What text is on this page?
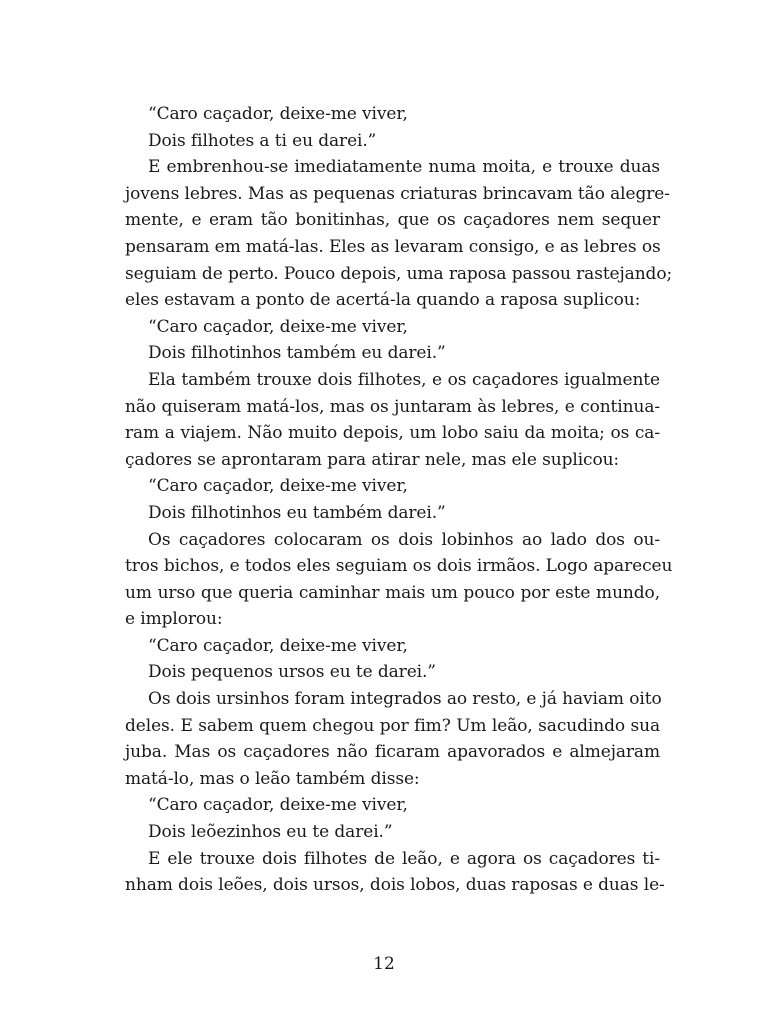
“Caro caçador, deixe-me viver,
Dois filhotes a ti eu darei.”
E embrenhou-se imediatamente numa moita, e trouxe duas
jovens lebres. Mas as pequenas criaturas brincavam tão alegre-
mente, e eram tão bonitinhas, que os caçadores nem sequer
pensaram em matá-las. Eles as levaram consigo, e as lebres os
seguiam de perto. Pouco depois, uma raposa passou rastejando;
eles estavam a ponto de acertá-la quando a raposa suplicou:
“Caro caçador, deixe-me viver,
Dois filhotinhos também eu darei.”
Ela também trouxe dois filhotes, e os caçadores igualmente
não quiseram matá-los, mas os juntaram às lebres, e continua-
ram a viajem. Não muito depois, um lobo saiu da moita; os ca-
çadores se aprontaram para atirar nele, mas ele suplicou:
“Caro caçador, deixe-me viver,
Dois filhotinhos eu também darei.”
Os caçadores colocaram os dois lobinhos ao lado dos ou-
tros bichos, e todos eles seguiam os dois irmãos. Logo apareceu
um urso que queria caminhar mais um pouco por este mundo,
e implorou:
“Caro caçador, deixe-me viver,
Dois pequenos ursos eu te darei.”
Os dois ursinhos foram integrados ao resto, e já haviam oito
deles. E sabem quem chegou por fim? Um leão, sacudindo sua
juba. Mas os caçadores não ficaram apavorados e almejaram
matá-lo, mas o leão também disse:
“Caro caçador, deixe-me viver,
Dois leõezinhos eu te darei.”
E ele trouxe dois filhotes de leão, e agora os caçadores ti-
nham dois leões, dois ursos, dois lobos, duas raposas e duas le-
12
